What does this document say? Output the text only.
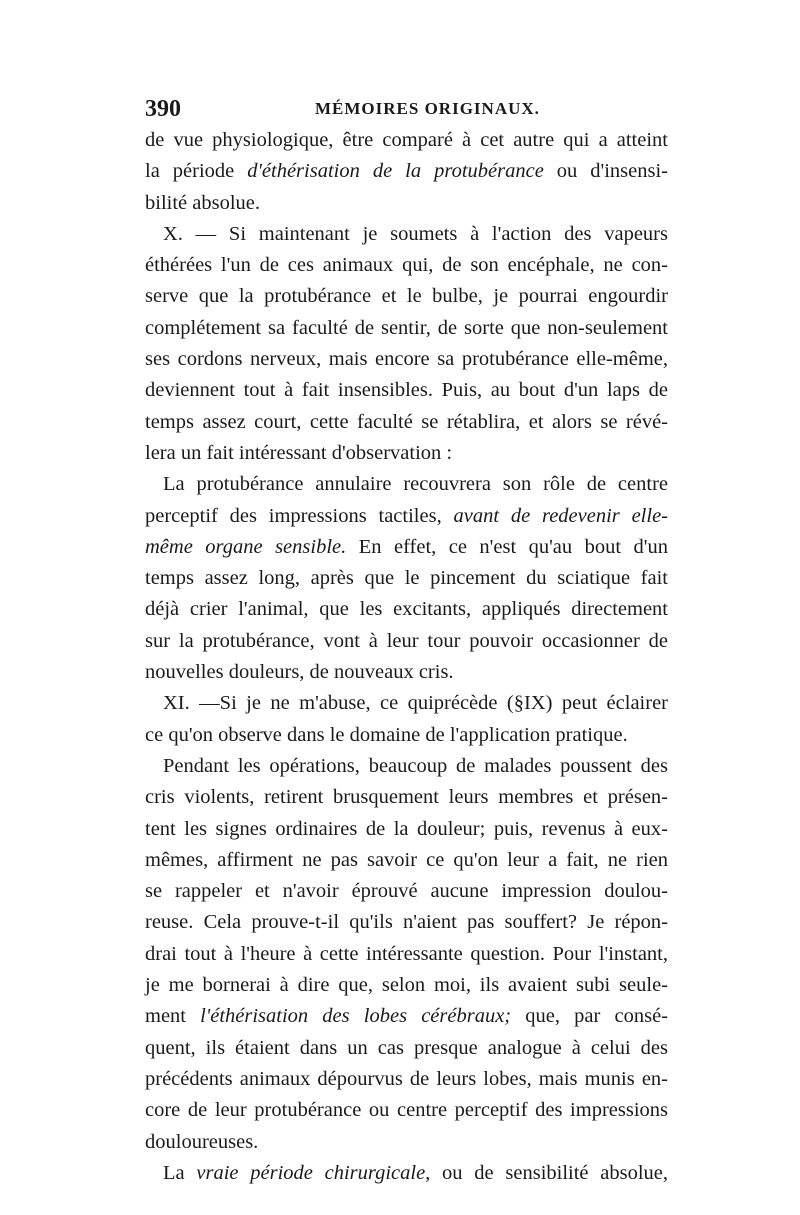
390	MÉMOIRES ORIGINAUX.
de vue physiologique, être comparé à cet autre qui a atteint
la période d'éthérisation de la protubérance ou d'insensi-
bilité absolue.
X. — Si maintenant je soumets à l'action des vapeurs
éthérées l'un de ces animaux qui, de son encéphale, ne con-
serve que la protubérance et le bulbe, je pourrai engourdir
complétement sa faculté de sentir, de sorte que non-seulement
ses cordons nerveux, mais encore sa protubérance elle-même,
deviennent tout à fait insensibles. Puis, au bout d'un laps de
temps assez court, cette faculté se rétablira, et alors se révé-
lera un fait intéressant d'observation :
La protubérance annulaire recouvrera son rôle de centre
perceptif des impressions tactiles, avant de redevenir elle-
même organe sensible. En effet, ce n'est qu'au bout d'un
temps assez long, après que le pincement du sciatique fait
déjà crier l'animal, que les excitants, appliqués directement
sur la protubérance, vont à leur tour pouvoir occasionner de
nouvelles douleurs, de nouveaux cris.
XI. —Si je ne m'abuse, ce quiprécède (§IX) peut éclairer
ce qu'on observe dans le domaine de l'application pratique.
Pendant les opérations, beaucoup de malades poussent des
cris violents, retirent brusquement leurs membres et présen-
tent les signes ordinaires de la douleur; puis, revenus à eux-
mêmes, affirment ne pas savoir ce qu'on leur a fait, ne rien
se rappeler et n'avoir éprouvé aucune impression doulou-
reuse. Cela prouve-t-il qu'ils n'aient pas souffert? Je répon-
drai tout à l'heure à cette intéressante question. Pour l'instant,
je me bornerai à dire que, selon moi, ils avaient subi seule-
ment l'éthérisation des lobes cérébraux; que, par consé-
quent, ils étaient dans un cas presque analogue à celui des
précédents animaux dépourvus de leurs lobes, mais munis en-
core de leur protubérance ou centre perceptif des impressions
douloureuses.
La vraie période chirurgicale, ou de sensibilité absolue,
